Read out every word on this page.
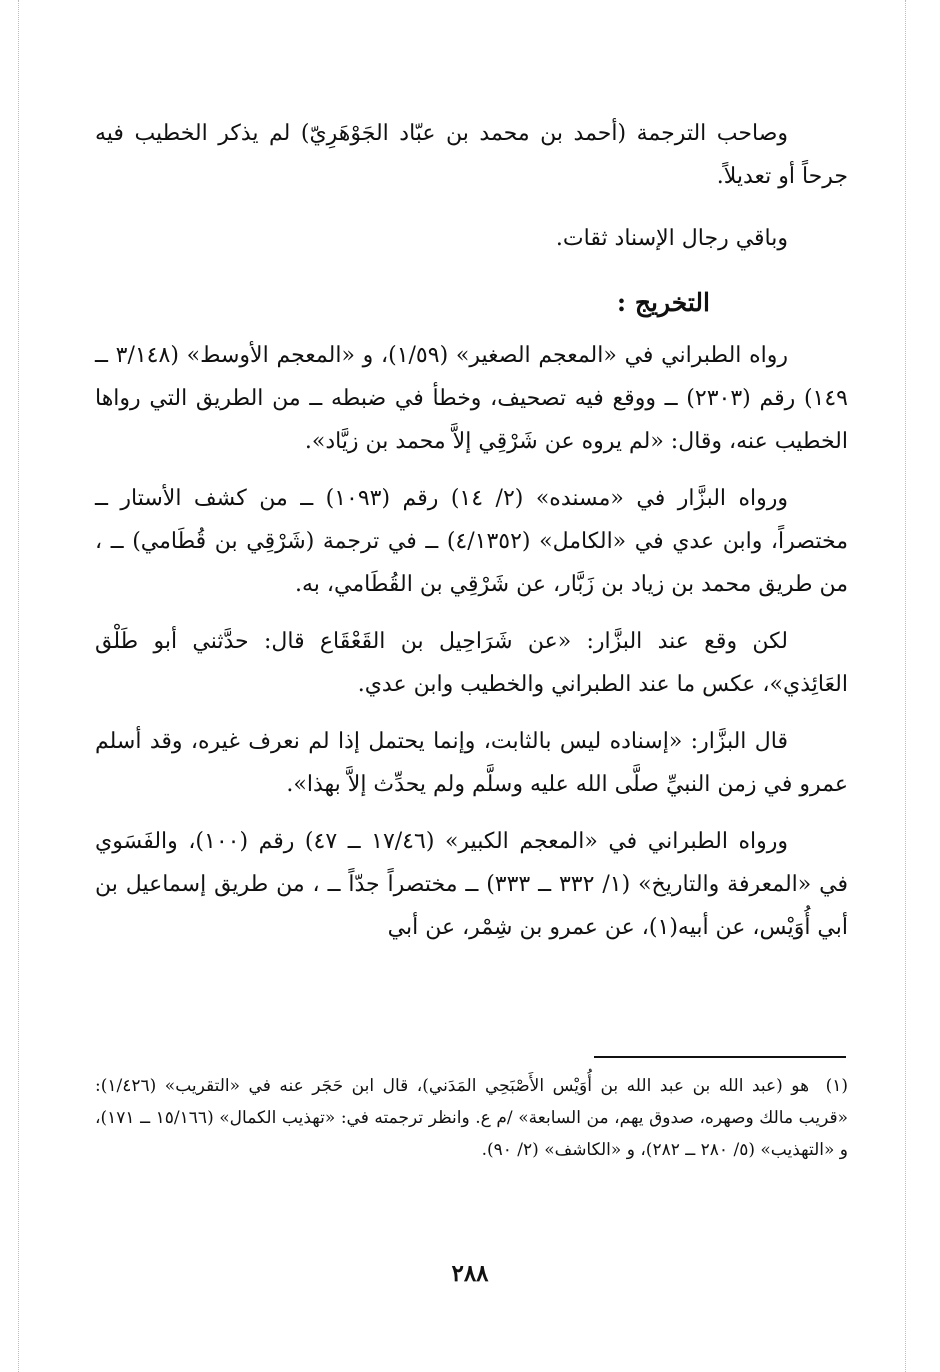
وصاحب الترجمة (أحمد بن محمد بن عبّاد الجَوْهَرِيّ) لم يذكر الخطيب فيه جرحاً أو تعديلاً.

وباقي رجال الإسناد ثقات.

التخريج :

رواه الطبراني في «المعجم الصغير» (١/٥٩)، و «المعجم الأوسط» (٣/١٤٨ ــ ١٤٩) رقم (٢٣٠٣) ــ ووقع فيه تصحيف، وخطأ في ضبطه ــ من الطريق التي رواها الخطيب عنه، وقال: «لم يروه عن شَرْقِي إلاَّ محمد بن زيَّاد».

ورواه البزَّار في «مسنده» (٢/ ١٤) رقم (١٠٩٣) ــ من كشف الأستار ــ مختصراً، وابن عدي في «الكامل» (٤/١٣٥٢) ــ في ترجمة (شَرْقِي بن قُطَامي) ــ ، من طريق محمد بن زياد بن زَبَّار، عن شَرْقِي بن القُطَامي، به.

لكن وقع عند البزَّار: «عن شَرَاحِيل بن القَعْقَاع قال: حدَّثني أبو طَلْق العَائِذي»، عكس ما عند الطبراني والخطيب وابن عدي.

قال البزَّار: «إسناده ليس بالثابت، وإنما يحتمل إذا لم نعرف غيره، وقد أسلم عمرو في زمن النبيِّ صلَّى الله عليه وسلَّم ولم يحدِّث إلاَّ بهذا».

ورواه الطبراني في «المعجم الكبير» (١٧/٤٦ ــ ٤٧) رقم (١٠٠)، والفَسَوي في «المعرفة والتاريخ» (١/ ٣٣٢ ــ ٣٣٣) ــ مختصراً جدّاً ــ ، من طريق إسماعيل بن أبي أُوَيْس، عن أبيه(١)، عن عمرو بن شِمْر، عن أبي

(١) هو (عبد الله بن عبد الله بن أُوَيْس الأَصْبَحِي المَدَني)، قال ابن حَجَر عنه في «التقريب» (١/٤٢٦): «قريب مالك وصهره، صدوق يهم، من السابعة» /م ع. وانظر ترجمته في: «تهذيب الكمال» (١٥/١٦٦ ــ ١٧١)، و «التهذيب» (٥/ ٢٨٠ ــ ٢٨٢)، و «الكاشف» (٢/ ٩٠).
٢٨٨
